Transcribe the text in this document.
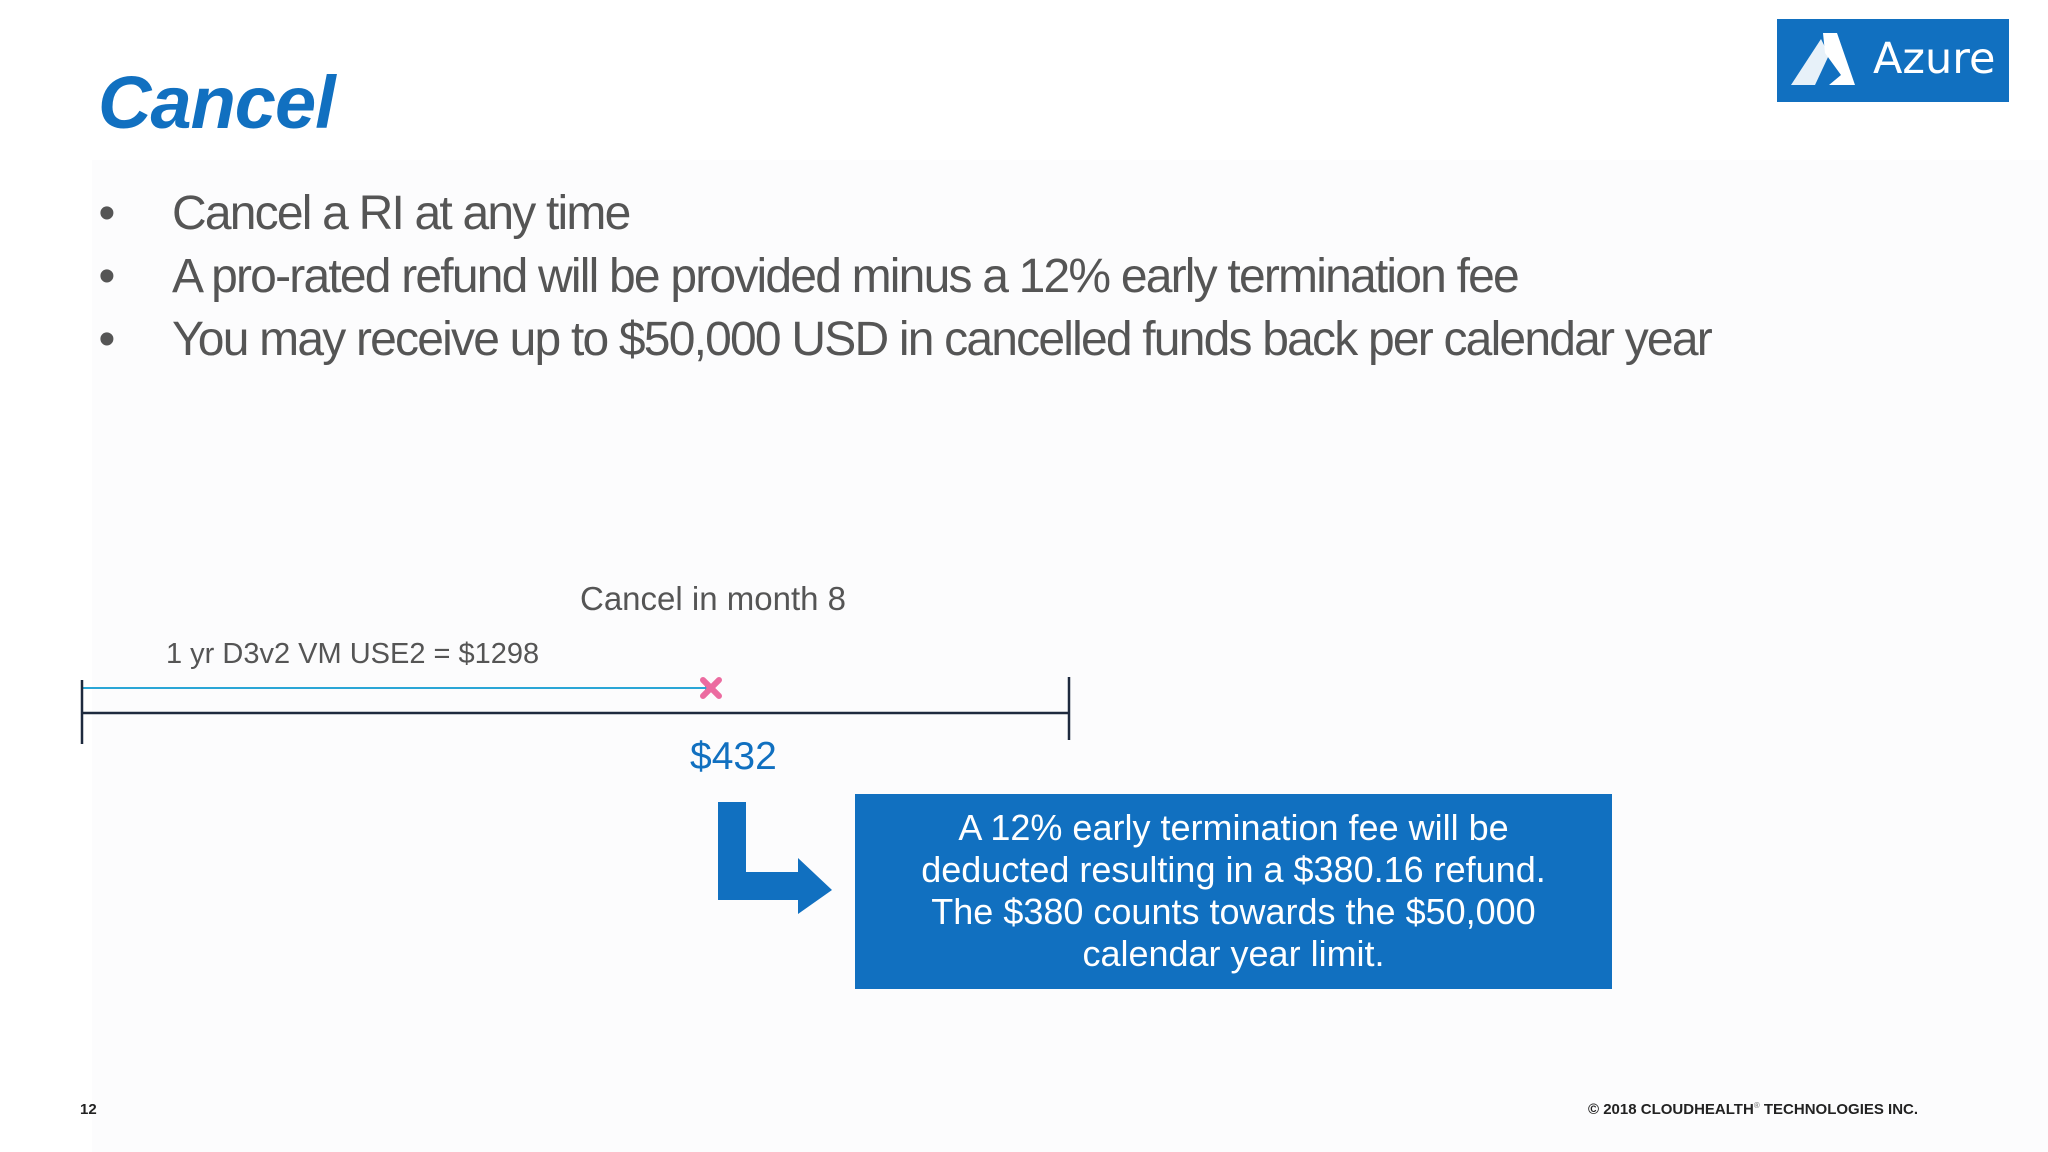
Cancel
Azure
• Cancel a RI at any time
• A pro-rated refund will be provided minus a 12% early termination fee
• You may receive up to $50,000 USD in cancelled funds back per calendar year
Cancel in month 8
1 yr D3v2 VM USE2 = $1298
$432
A 12% early termination fee will be
deducted resulting in a $380.16 refund.
The $380 counts towards the $50,000
calendar year limit.
12	© 2018 CLOUDHEALTH® TECHNOLOGIES INC.
